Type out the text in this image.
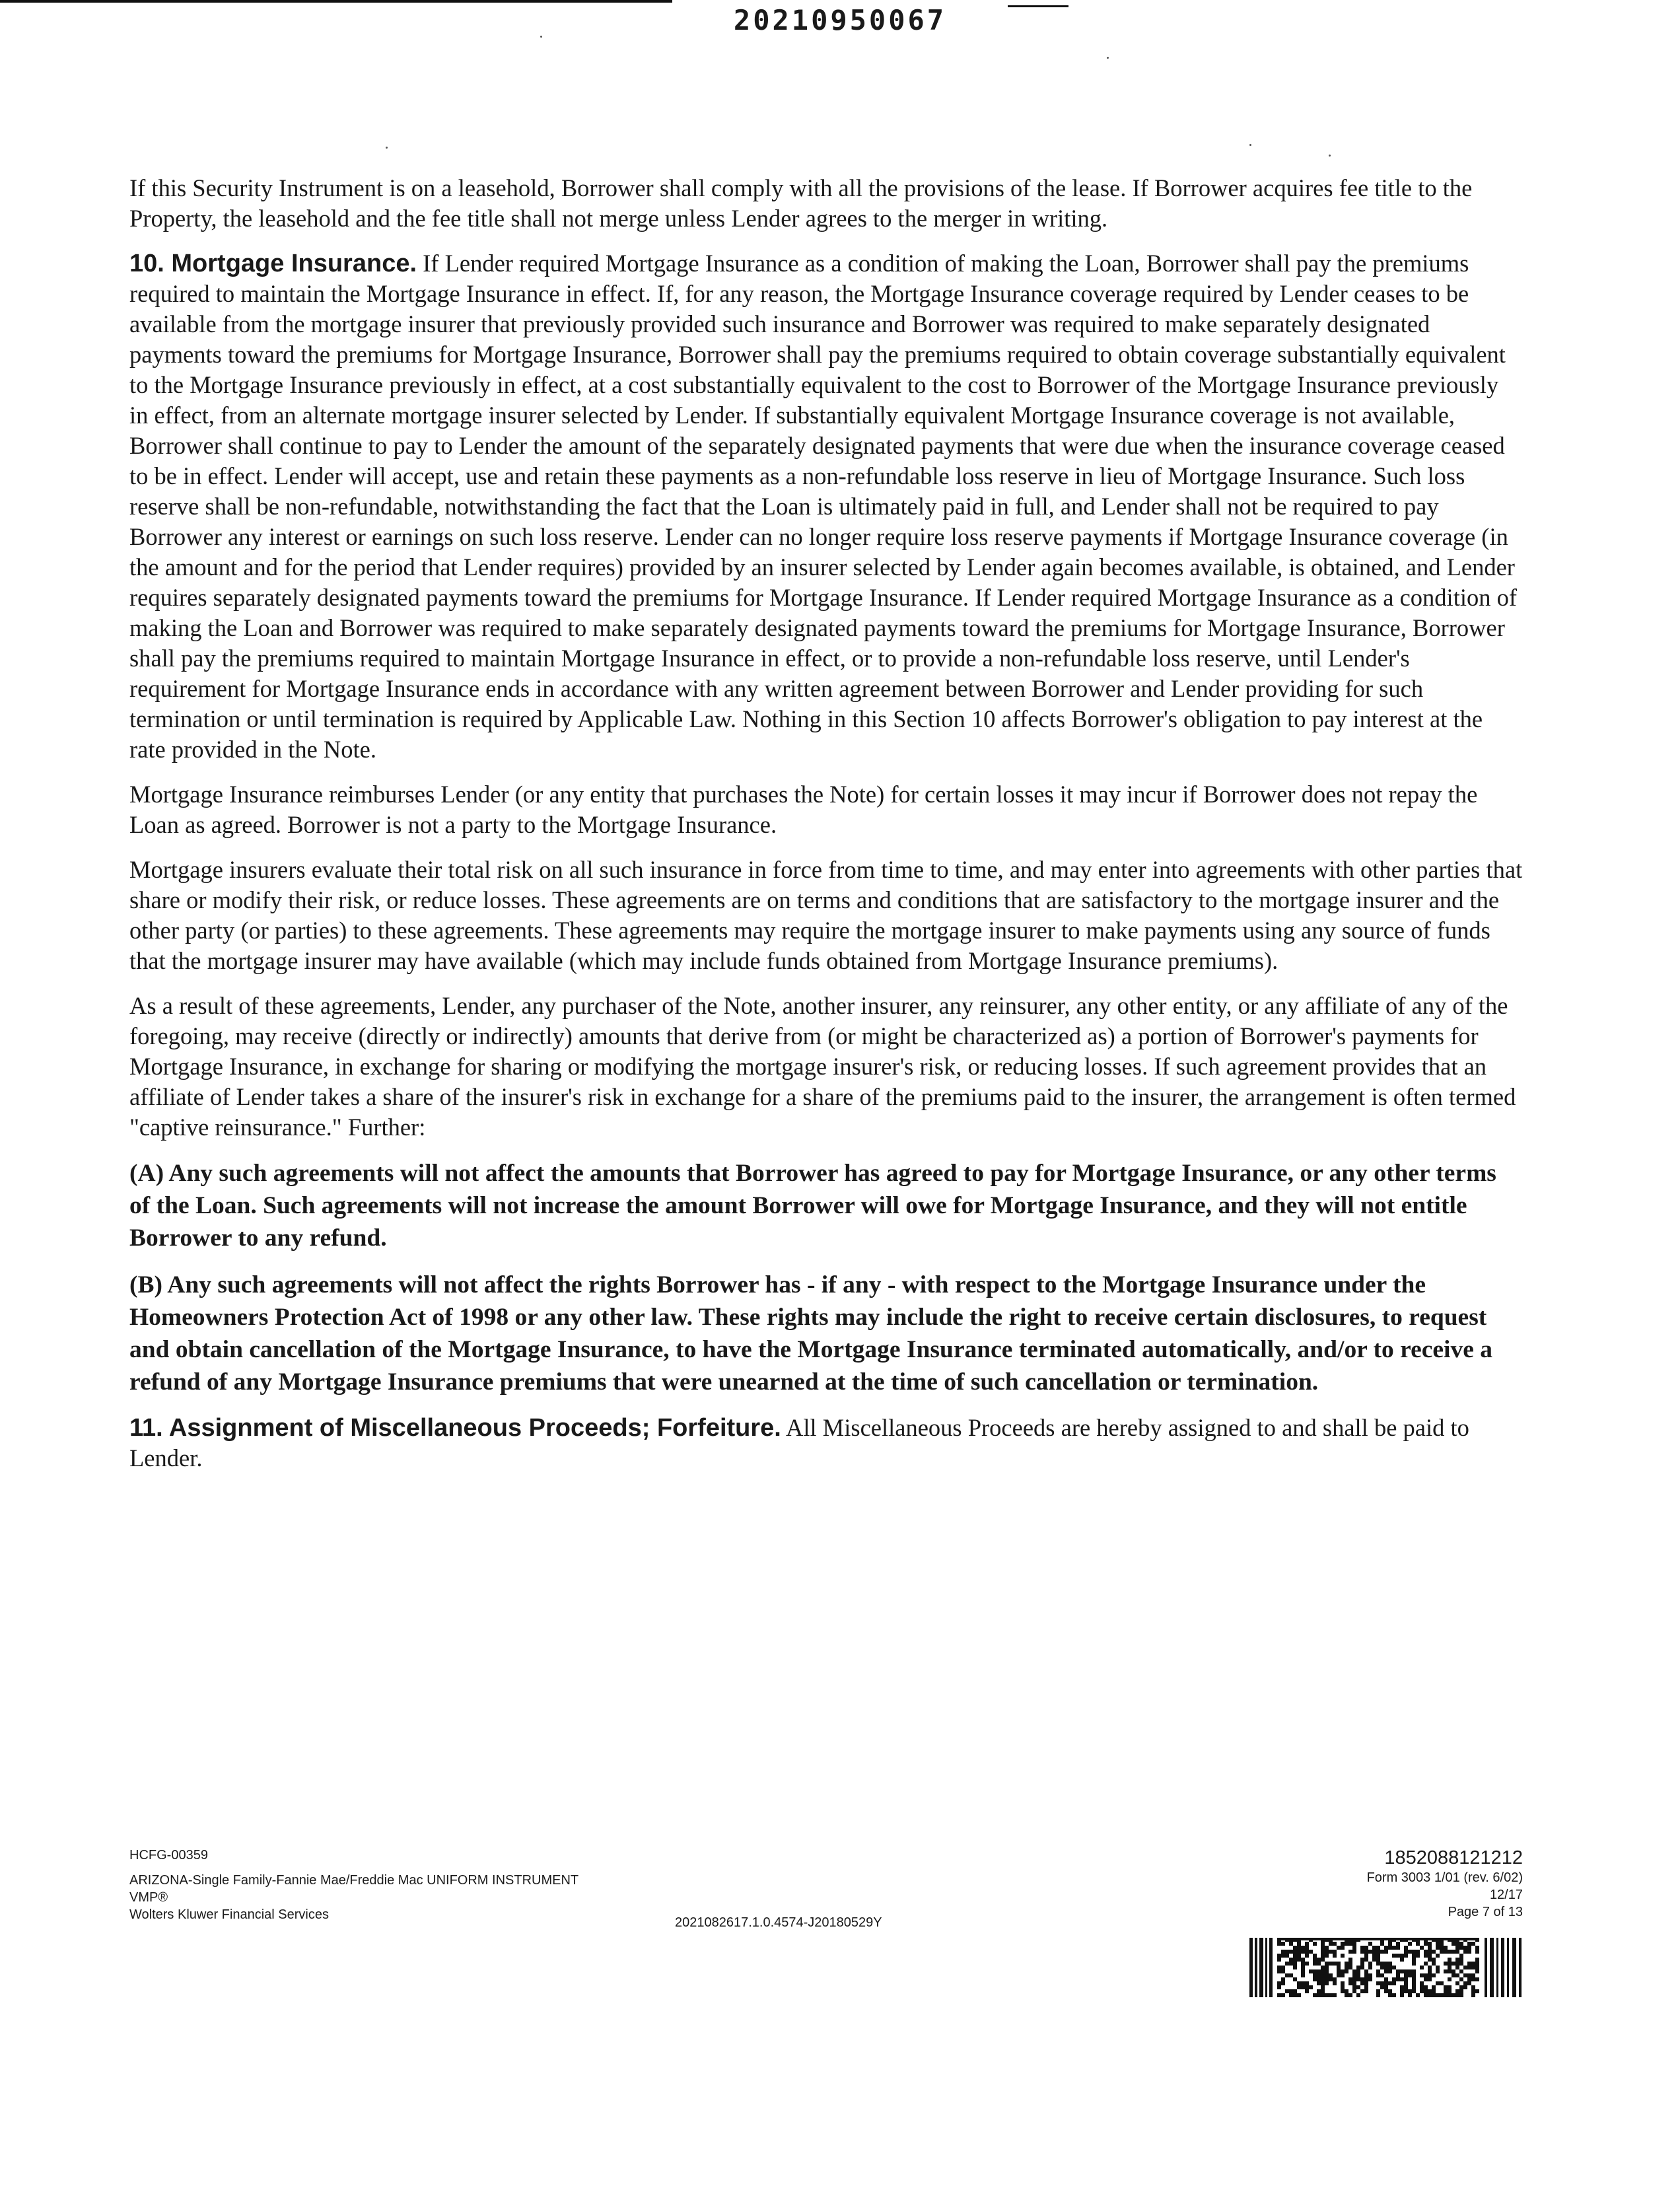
20210950067

If this Security Instrument is on a leasehold, Borrower shall comply with all the provisions of the lease. If Borrower acquires fee title to the Property, the leasehold and the fee title shall not merge unless Lender agrees to the merger in writing.

10. Mortgage Insurance. If Lender required Mortgage Insurance as a condition of making the Loan, Borrower shall pay the premiums required to maintain the Mortgage Insurance in effect. If, for any reason, the Mortgage Insurance coverage required by Lender ceases to be available from the mortgage insurer that previously provided such insurance and Borrower was required to make separately designated payments toward the premiums for Mortgage Insurance, Borrower shall pay the premiums required to obtain coverage substantially equivalent to the Mortgage Insurance previously in effect, at a cost substantially equivalent to the cost to Borrower of the Mortgage Insurance previously in effect, from an alternate mortgage insurer selected by Lender. If substantially equivalent Mortgage Insurance coverage is not available, Borrower shall continue to pay to Lender the amount of the separately designated payments that were due when the insurance coverage ceased to be in effect. Lender will accept, use and retain these payments as a non-refundable loss reserve in lieu of Mortgage Insurance. Such loss reserve shall be non-refundable, notwithstanding the fact that the Loan is ultimately paid in full, and Lender shall not be required to pay Borrower any interest or earnings on such loss reserve. Lender can no longer require loss reserve payments if Mortgage Insurance coverage (in the amount and for the period that Lender requires) provided by an insurer selected by Lender again becomes available, is obtained, and Lender requires separately designated payments toward the premiums for Mortgage Insurance. If Lender required Mortgage Insurance as a condition of making the Loan and Borrower was required to make separately designated payments toward the premiums for Mortgage Insurance, Borrower shall pay the premiums required to maintain Mortgage Insurance in effect, or to provide a non-refundable loss reserve, until Lender's requirement for Mortgage Insurance ends in accordance with any written agreement between Borrower and Lender providing for such termination or until termination is required by Applicable Law. Nothing in this Section 10 affects Borrower's obligation to pay interest at the rate provided in the Note.

Mortgage Insurance reimburses Lender (or any entity that purchases the Note) for certain losses it may incur if Borrower does not repay the Loan as agreed. Borrower is not a party to the Mortgage Insurance.

Mortgage insurers evaluate their total risk on all such insurance in force from time to time, and may enter into agreements with other parties that share or modify their risk, or reduce losses. These agreements are on terms and conditions that are satisfactory to the mortgage insurer and the other party (or parties) to these agreements. These agreements may require the mortgage insurer to make payments using any source of funds that the mortgage insurer may have available (which may include funds obtained from Mortgage Insurance premiums).

As a result of these agreements, Lender, any purchaser of the Note, another insurer, any reinsurer, any other entity, or any affiliate of any of the foregoing, may receive (directly or indirectly) amounts that derive from (or might be characterized as) a portion of Borrower's payments for Mortgage Insurance, in exchange for sharing or modifying the mortgage insurer's risk, or reducing losses. If such agreement provides that an affiliate of Lender takes a share of the insurer's risk in exchange for a share of the premiums paid to the insurer, the arrangement is often termed "captive reinsurance." Further:

(A) Any such agreements will not affect the amounts that Borrower has agreed to pay for Mortgage Insurance, or any other terms of the Loan. Such agreements will not increase the amount Borrower will owe for Mortgage Insurance, and they will not entitle Borrower to any refund.

(B) Any such agreements will not affect the rights Borrower has - if any - with respect to the Mortgage Insurance under the Homeowners Protection Act of 1998 or any other law. These rights may include the right to receive certain disclosures, to request and obtain cancellation of the Mortgage Insurance, to have the Mortgage Insurance terminated automatically, and/or to receive a refund of any Mortgage Insurance premiums that were unearned at the time of such cancellation or termination.

11. Assignment of Miscellaneous Proceeds; Forfeiture. All Miscellaneous Proceeds are hereby assigned to and shall be paid to Lender.

HCFG-00359
ARIZONA-Single Family-Fannie Mae/Freddie Mac UNIFORM INSTRUMENT
VMP®
Wolters Kluwer Financial Services
2021082617.1.0.4574-J20180529Y
1852088121212
Form 3003 1/01 (rev. 6/02)
12/17
Page 7 of 13
